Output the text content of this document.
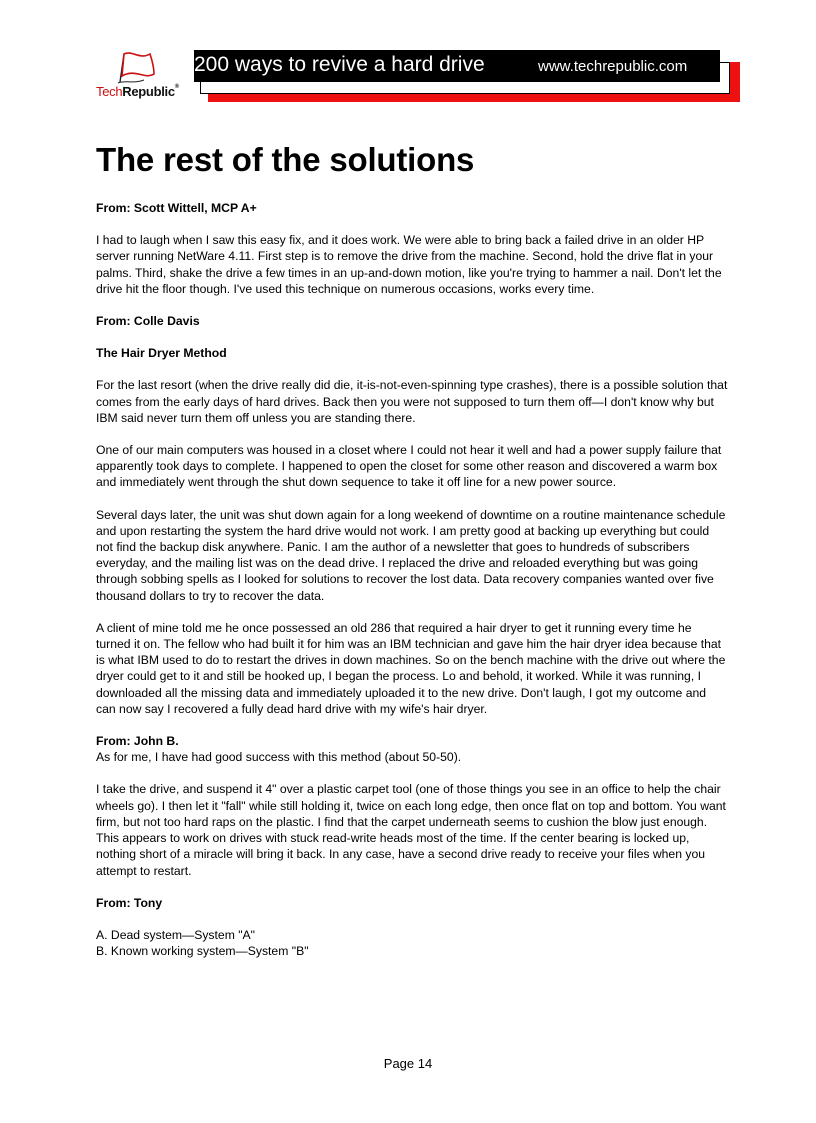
TechRepublic®
200 ways to revive a hard drive	www.techrepublic.com
The rest of the solutions

From: Scott Wittell, MCP A+

I had to laugh when I saw this easy fix, and it does work. We were able to bring back a failed drive in an older HP server running NetWare 4.11. First step is to remove the drive from the machine. Second, hold the drive flat in your palms. Third, shake the drive a few times in an up-and-down motion, like you're trying to hammer a nail. Don't let the drive hit the floor though. I've used this technique on numerous occasions, works every time.

From: Colle Davis

The Hair Dryer Method

For the last resort (when the drive really did die, it-is-not-even-spinning type crashes), there is a possible solution that comes from the early days of hard drives. Back then you were not supposed to turn them off—I don't know why but IBM said never turn them off unless you are standing there.

One of our main computers was housed in a closet where I could not hear it well and had a power supply failure that apparently took days to complete. I happened to open the closet for some other reason and discovered a warm box and immediately went through the shut down sequence to take it off line for a new power source.

Several days later, the unit was shut down again for a long weekend of downtime on a routine maintenance schedule and upon restarting the system the hard drive would not work. I am pretty good at backing up everything but could not find the backup disk anywhere. Panic. I am the author of a newsletter that goes to hundreds of subscribers everyday, and the mailing list was on the dead drive. I replaced the drive and reloaded everything but was going through sobbing spells as I looked for solutions to recover the lost data. Data recovery companies wanted over five thousand dollars to try to recover the data.

A client of mine told me he once possessed an old 286 that required a hair dryer to get it running every time he turned it on. The fellow who had built it for him was an IBM technician and gave him the hair dryer idea because that is what IBM used to do to restart the drives in down machines. So on the bench machine with the drive out where the dryer could get to it and still be hooked up, I began the process. Lo and behold, it worked. While it was running, I downloaded all the missing data and immediately uploaded it to the new drive. Don't laugh, I got my outcome and can now say I recovered a fully dead hard drive with my wife's hair dryer.

From: John B.

As for me, I have had good success with this method (about 50-50).

I take the drive, and suspend it 4" over a plastic carpet tool (one of those things you see in an office to help the chair wheels go). I then let it "fall" while still holding it, twice on each long edge, then once flat on top and bottom. You want firm, but not too hard raps on the plastic. I find that the carpet underneath seems to cushion the blow just enough. This appears to work on drives with stuck read-write heads most of the time. If the center bearing is locked up, nothing short of a miracle will bring it back. In any case, have a second drive ready to receive your files when you attempt to restart.

From: Tony

A. Dead system—System "A"
B. Known working system—System "B"
Page 14
